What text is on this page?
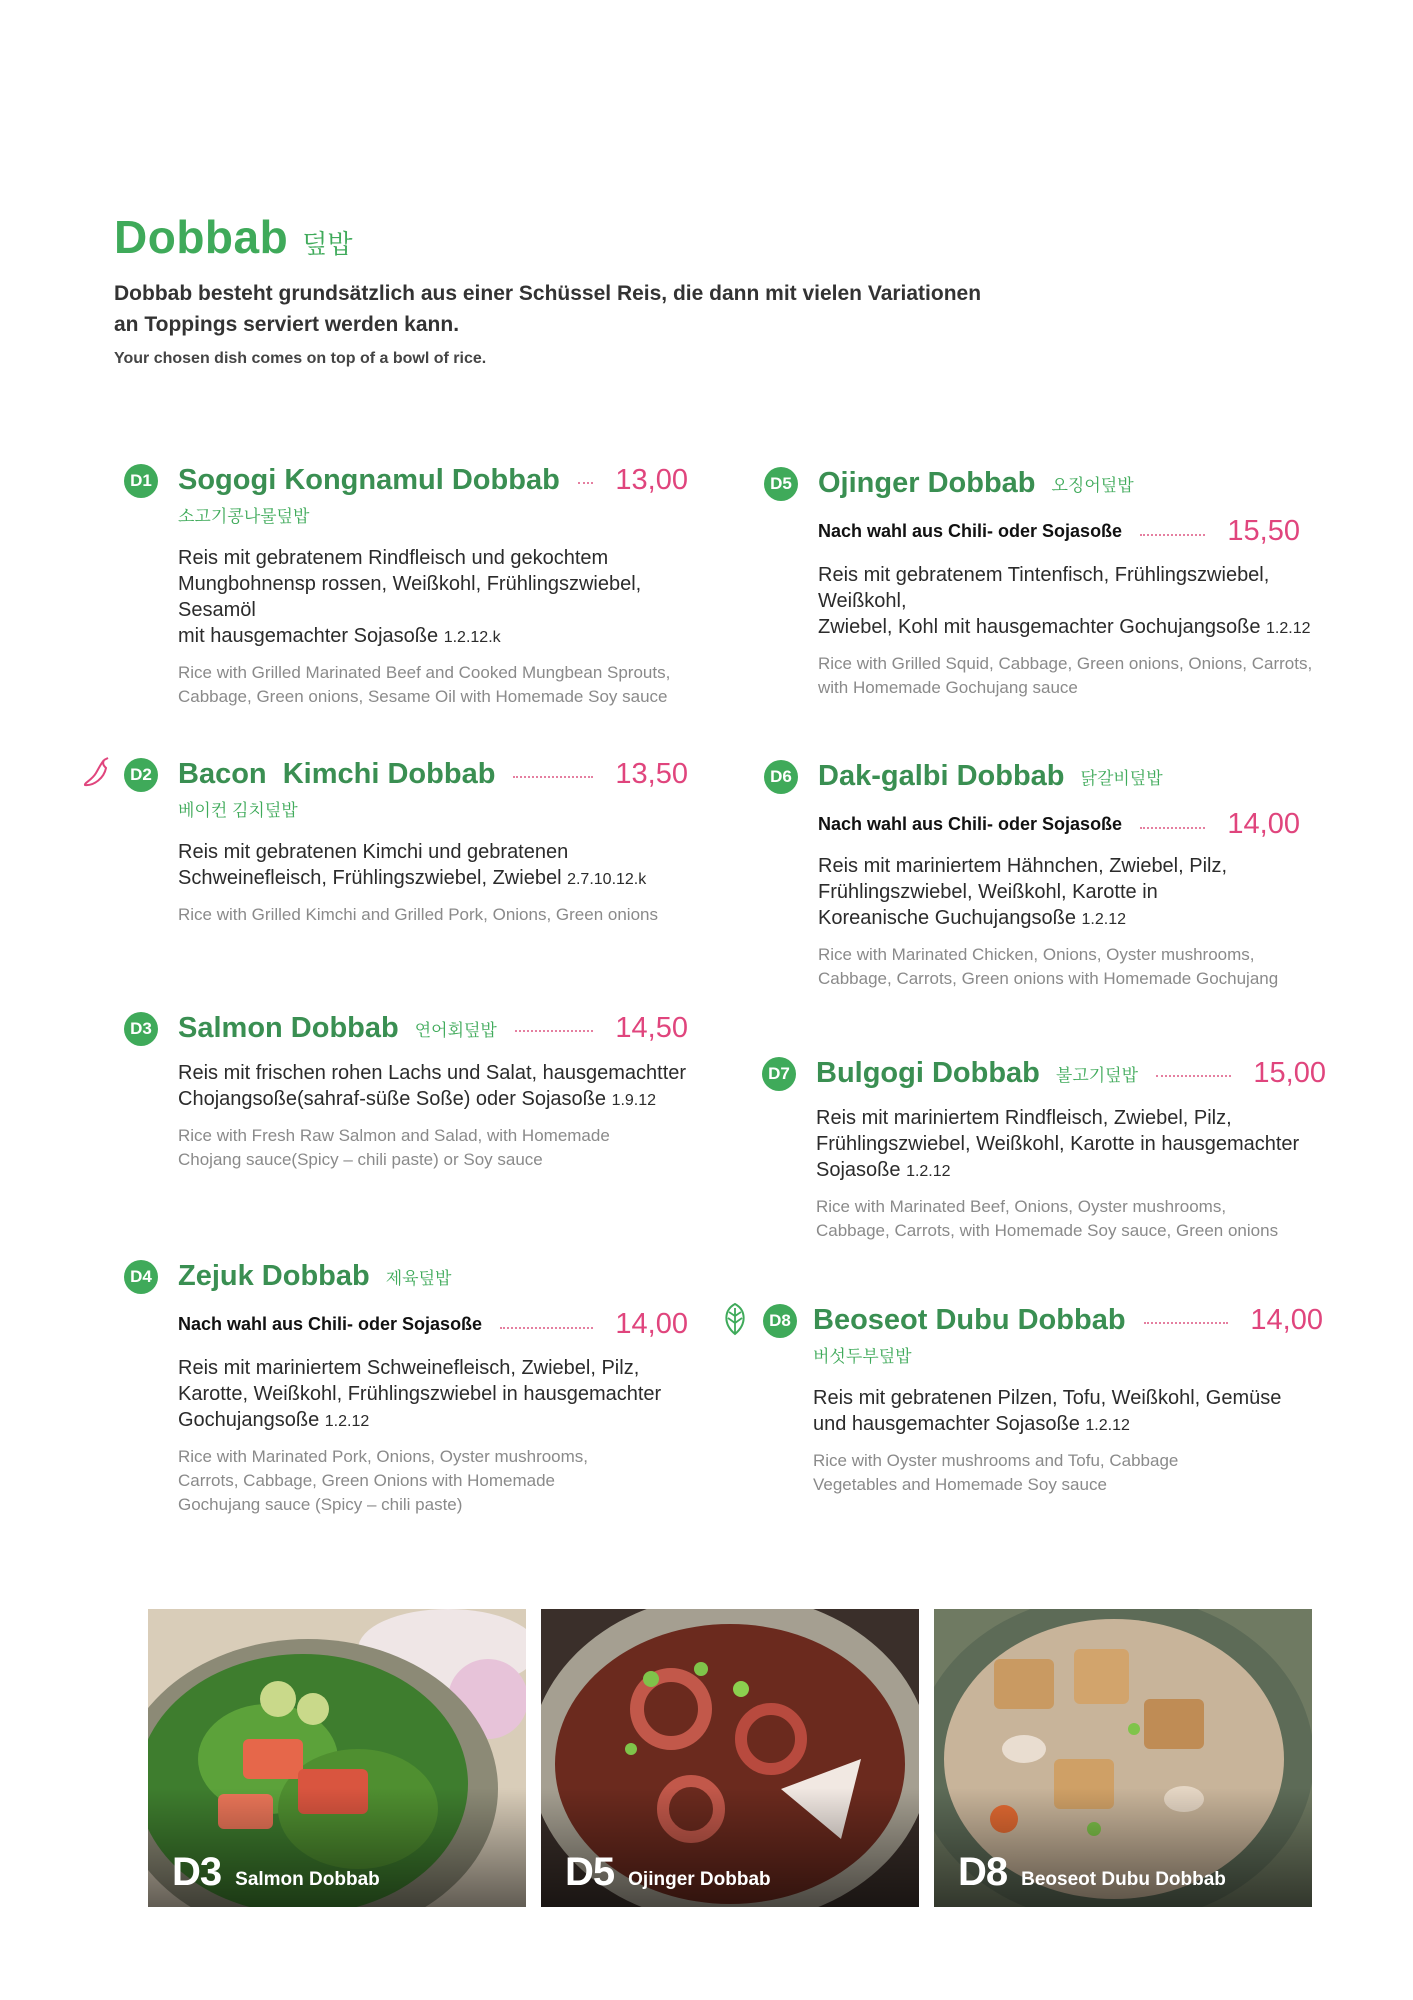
Dobbab 덮밥
Dobbab besteht grundsätzlich aus einer Schüssel Reis, die dann mit vielen Variationen
an Toppings serviert werden kann.
Your chosen dish comes on top of a bowl of rice.
D1 Sogogi Kongnamul Dobbab 13,00
소고기콩나물덮밥
Reis mit gebratenem Rindfleisch und gekochtem
Mungbohnensp rossen, Weißkohl, Frühlingszwiebel, Sesamöl
mit hausgemachter Sojasoße 1.2.12.k
Rice with Grilled Marinated Beef and Cooked Mungbean Sprouts,
Cabbage, Green onions, Sesame Oil with Homemade Soy sauce
D2 Bacon  Kimchi Dobbab	13,50
베이컨 김치덮밥
Reis mit gebratenen Kimchi und gebratenen
Schweinefleisch, Frühlingszwiebel, Zwiebel 2.7.10.12.k
Rice with Grilled Kimchi and Grilled Pork, Onions, Green onions
D3 Salmon Dobbab 연어회덮밥	14,50
Reis mit frischen rohen Lachs und Salat, hausgemachtter
Chojangsoße(sahraf-süße Soße) oder Sojasoße 1.9.12
Rice with Fresh Raw Salmon and Salad, with Homemade
Chojang sauce(Spicy – chili paste) or Soy sauce
D4 Zejuk Dobbab 제육덮밥
Nach wahl aus Chili- oder Sojasoße	14,00
Reis mit mariniertem Schweinefleisch, Zwiebel, Pilz,
Karotte, Weißkohl, Frühlingszwiebel in hausgemachter
Gochujangsoße 1.2.12
Rice with Marinated Pork, Onions, Oyster mushrooms,
Carrots, Cabbage, Green Onions with Homemade
Gochujang sauce (Spicy – chili paste)
D5 Ojinger Dobbab 오징어덮밥
Nach wahl aus Chili- oder Sojasoße	15,50
Reis mit gebratenem Tintenfisch, Frühlingszwiebel, Weißkohl,
Zwiebel, Kohl mit hausgemachter Gochujangsoße 1.2.12
Rice with Grilled Squid, Cabbage, Green onions, Onions, Carrots,
with Homemade Gochujang sauce
D6 Dak-galbi Dobbab 닭갈비덮밥
Nach wahl aus Chili- oder Sojasoße	14,00
Reis mit mariniertem Hähnchen, Zwiebel, Pilz,
Frühlingszwiebel, Weißkohl, Karotte in
Koreanische Guchujangsoße 1.2.12
Rice with Marinated Chicken, Onions, Oyster mushrooms,
Cabbage, Carrots, Green onions with Homemade Gochujang
D7 Bulgogi Dobbab 불고기덮밥	15,00
Reis mit mariniertem Rindfleisch, Zwiebel, Pilz,
Frühlingszwiebel, Weißkohl, Karotte in hausgemachter
Sojasoße 1.2.12
Rice with Marinated Beef, Onions, Oyster mushrooms,
Cabbage, Carrots, with Homemade Soy sauce, Green onions
D8 Beoseot Dubu Dobbab	14,00
버섯두부덮밥
Reis mit gebratenen Pilzen, Tofu, Weißkohl, Gemüse
und hausgemachter Sojasoße 1.2.12
Rice with Oyster mushrooms and Tofu, Cabbage
Vegetables and Homemade Soy sauce
D3 Salmon Dobbab	D5 Ojinger Dobbab	D8 Beoseot Dubu Dobbab
